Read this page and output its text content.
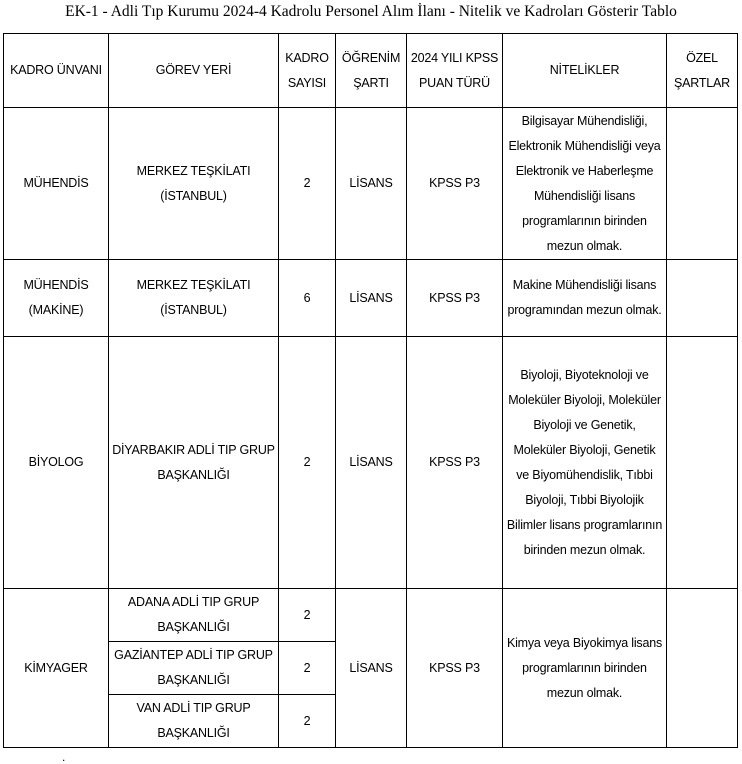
EK-1 - Adli Tıp Kurumu 2024-4 Kadrolu Personel Alım İlanı - Nitelik ve Kadroları Gösterir Tablo
KADRO ÜNVANI	GÖREV YERİ	KADRO SAYISI	ÖĞRENİM ŞARTI	2024 YILI KPSS PUAN TÜRÜ	NİTELİKLER	ÖZEL ŞARTLAR
MÜHENDİS	MERKEZ TEŞKİLATI (İSTANBUL)	2	LİSANS	KPSS P3	Bilgisayar Mühendisliği, Elektronik Mühendisliği veya Elektronik ve Haberleşme Mühendisliği lisans programlarının birinden mezun olmak.	
MÜHENDİS (MAKİNE)	MERKEZ TEŞKİLATI (İSTANBUL)	6	LİSANS	KPSS P3	Makine Mühendisliği lisans programından mezun olmak.	
BİYOLOG	DİYARBAKIR ADLİ TIP GRUP BAŞKANLIĞI	2	LİSANS	KPSS P3	Biyoloji, Biyoteknoloji ve Moleküler Biyoloji, Moleküler Biyoloji ve Genetik, Moleküler Biyoloji, Genetik ve Biyomühendislik, Tıbbi Biyoloji, Tıbbi Biyolojik Bilimler lisans programlarının birinden mezun olmak.	
KİMYAGER	ADANA ADLİ TIP GRUP BAŞKANLIĞI	2	LİSANS	KPSS P3	Kimya veya Biyokimya lisans programlarının birinden mezun olmak.	
	GAZİANTEP ADLİ TIP GRUP BAŞKANLIĞI	2				
	VAN ADLİ TIP GRUP BAŞKANLIĞI	2				
.
